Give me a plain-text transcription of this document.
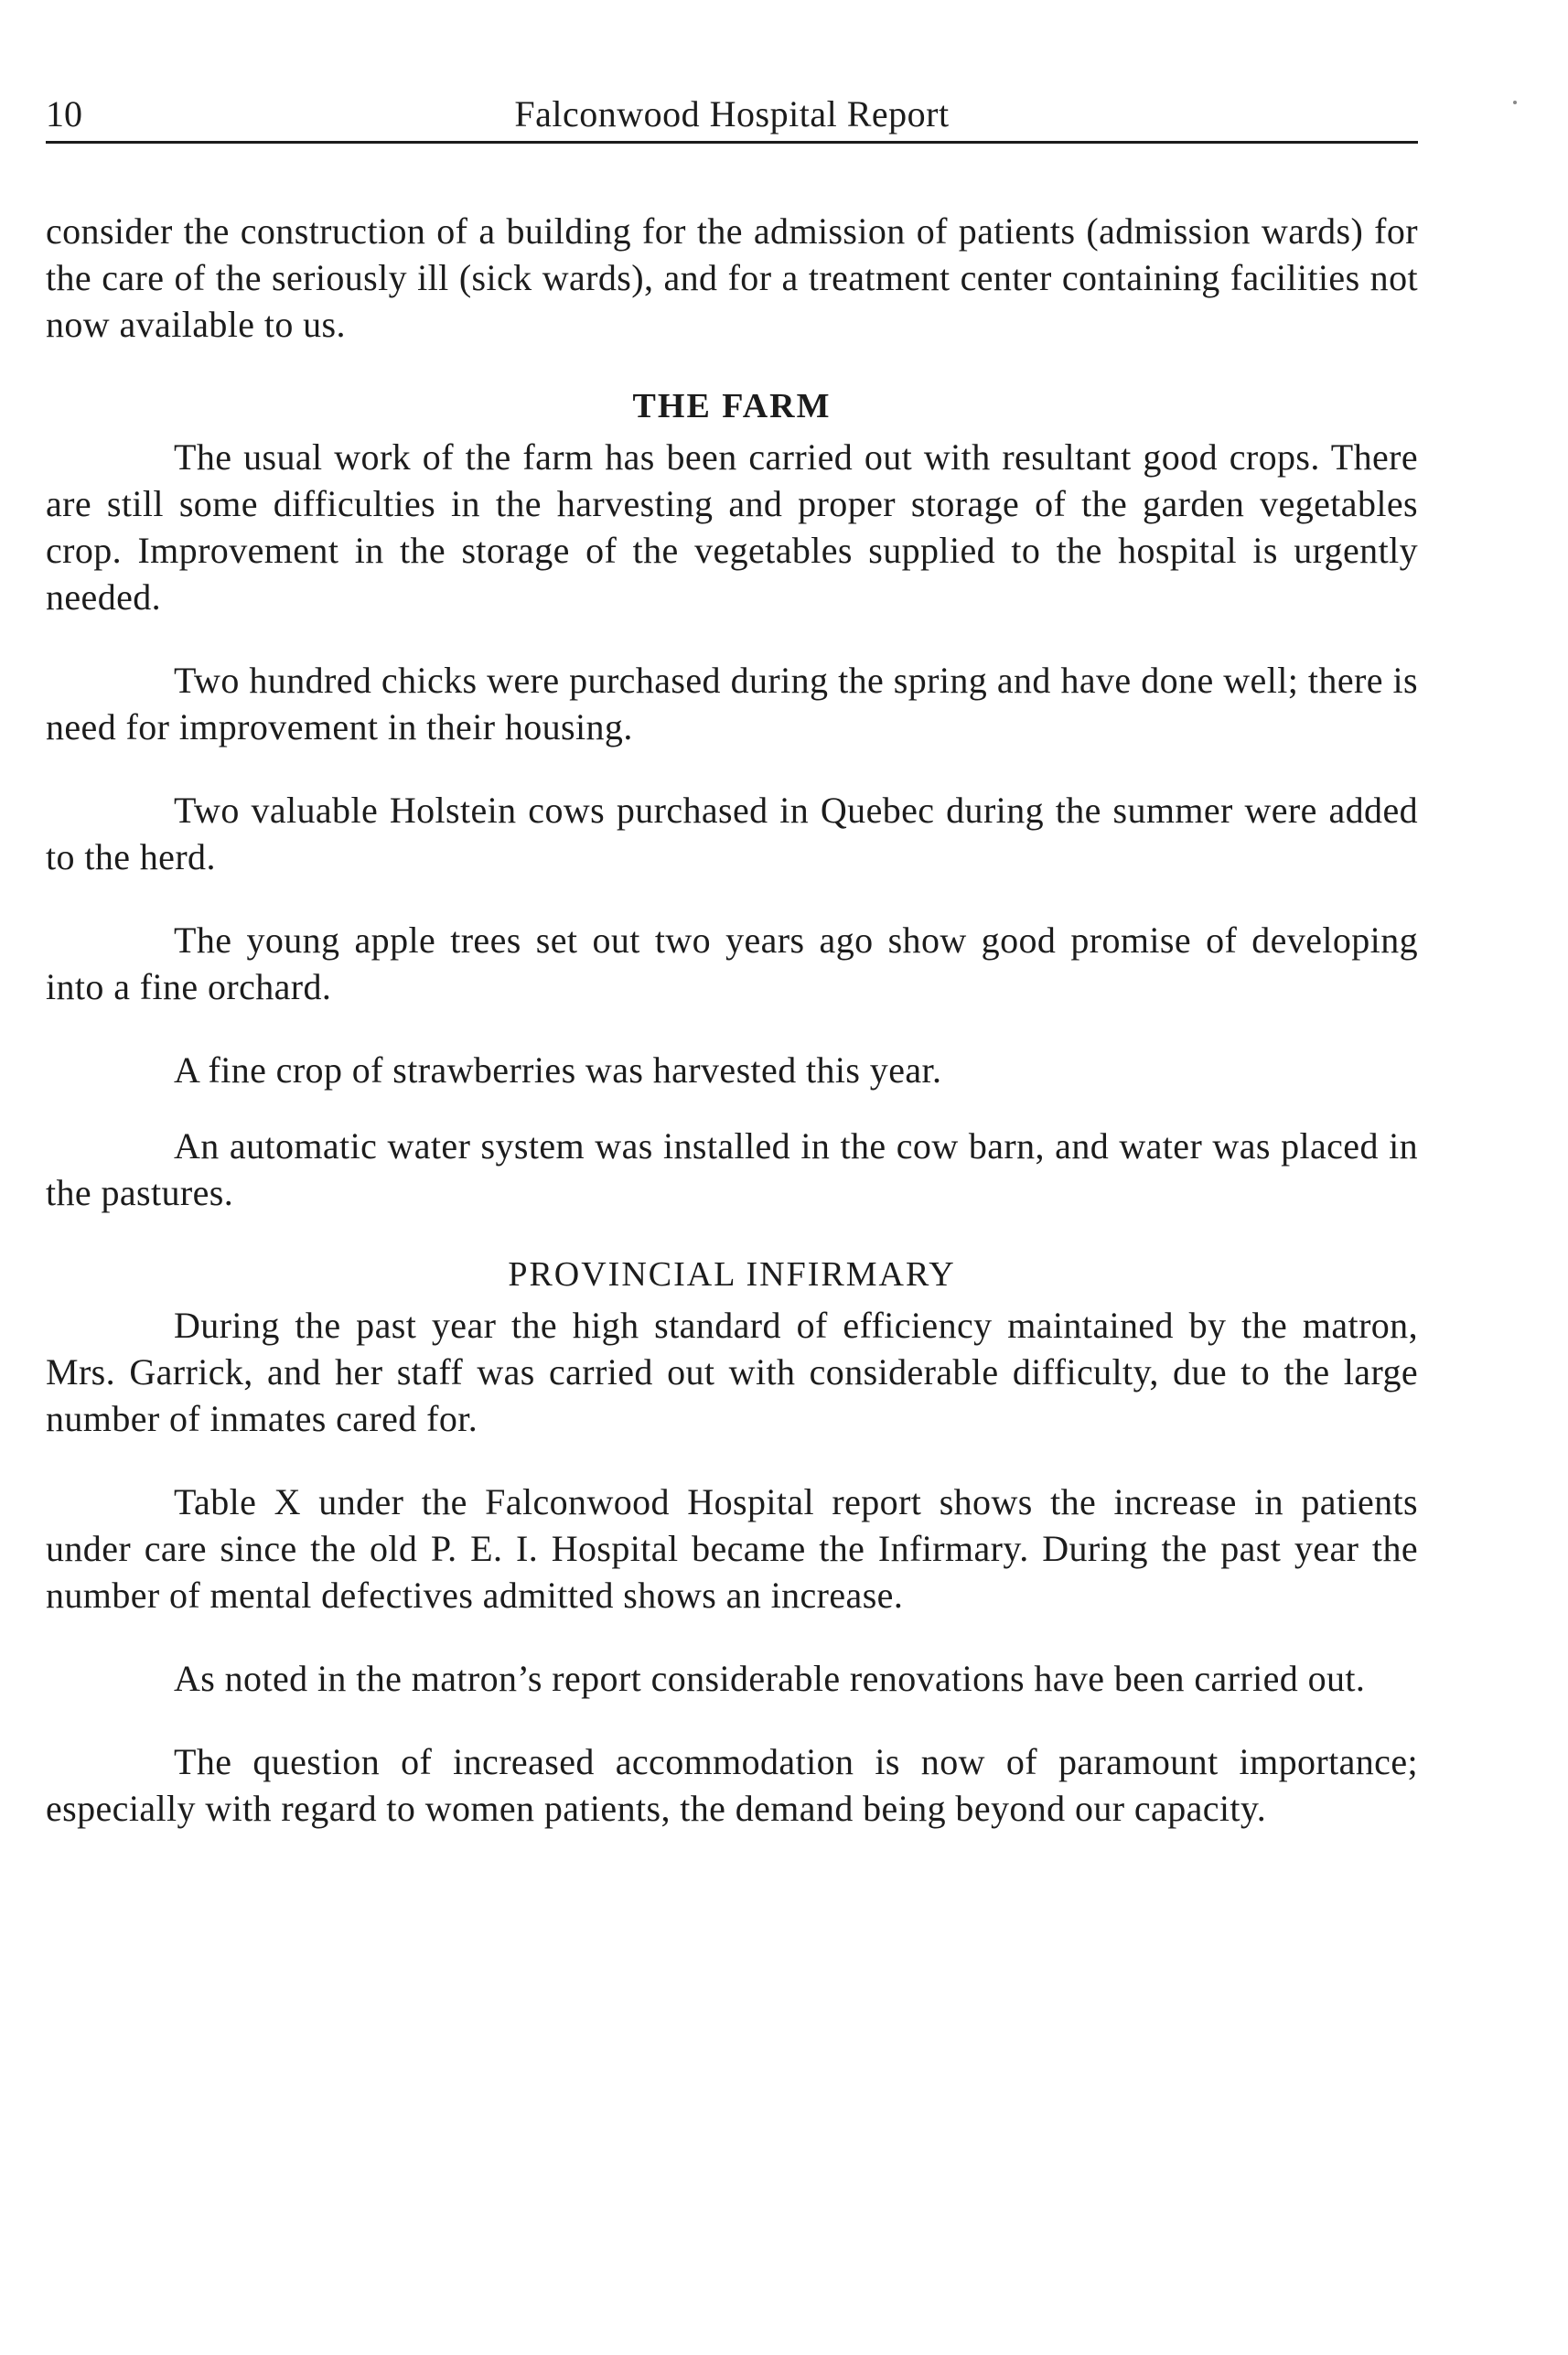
10	Falconwood Hospital Report

consider the construction of a building for the admission of patients (admission wards) for the care of the seriously ill (sick wards), and for a treatment center containing facilities not now available to us.

THE FARM

The usual work of the farm has been carried out with resultant good crops. There are still some difficulties in the harvesting and proper storage of the garden vegetables crop. Improvement in the storage of the vegetables supplied to the hospital is urgently needed.

Two hundred chicks were purchased during the spring and have done well; there is need for improvement in their housing.

Two valuable Holstein cows purchased in Quebec during the summer were added to the herd.

The young apple trees set out two years ago show good promise of developing into a fine orchard.

A fine crop of strawberries was harvested this year.

An automatic water system was installed in the cow barn, and water was placed in the pastures.

PROVINCIAL INFIRMARY

During the past year the high standard of efficiency maintained by the matron, Mrs. Garrick, and her staff was carried out with considerable difficulty, due to the large number of inmates cared for.

Table X under the Falconwood Hospital report shows the increase in patients under care since the old P. E. I. Hospital became the Infirmary. During the past year the number of mental defectives admitted shows an increase.

As noted in the matron’s report considerable renovations have been carried out.

The question of increased accommodation is now of paramount importance; especially with regard to women patients, the demand being beyond our capacity.
